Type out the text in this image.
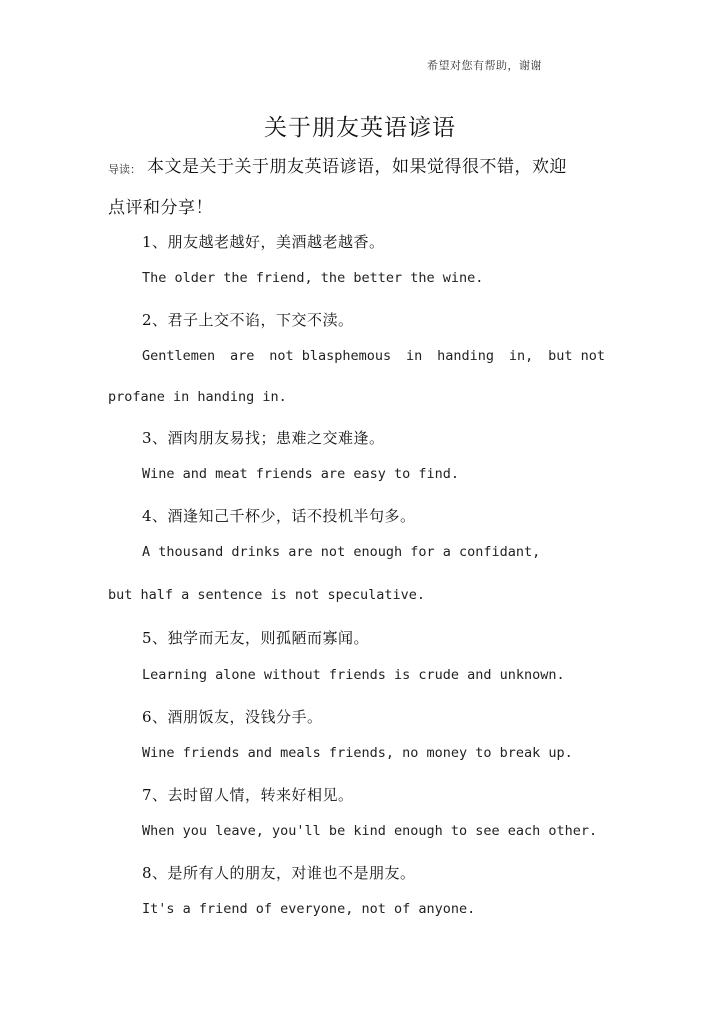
希望对您有帮助，谢谢
关于朋友英语谚语
导读： 本文是关于关于朋友英语谚语，如果觉得很不错，欢迎
点评和分享！
1、朋友越老越好，美酒越老越香。
The older the friend, the better the wine.
2、君子上交不谄，下交不渎。
Gentlemen are not blasphemous in handing in, but not
profane in handing in.
3、酒肉朋友易找；患难之交难逢。
Wine and meat friends are easy to find.
4、酒逢知己千杯少，话不投机半句多。
A thousand drinks are not enough for a confidant,
but half a sentence is not speculative.
5、独学而无友，则孤陋而寡闻。
Learning alone without friends is crude and unknown.
6、酒朋饭友，没钱分手。
Wine friends and meals friends, no money to break up.
7、去时留人情，转来好相见。
When you leave, you'll be kind enough to see each other.
8、是所有人的朋友，对谁也不是朋友。
It's a friend of everyone, not of anyone.
